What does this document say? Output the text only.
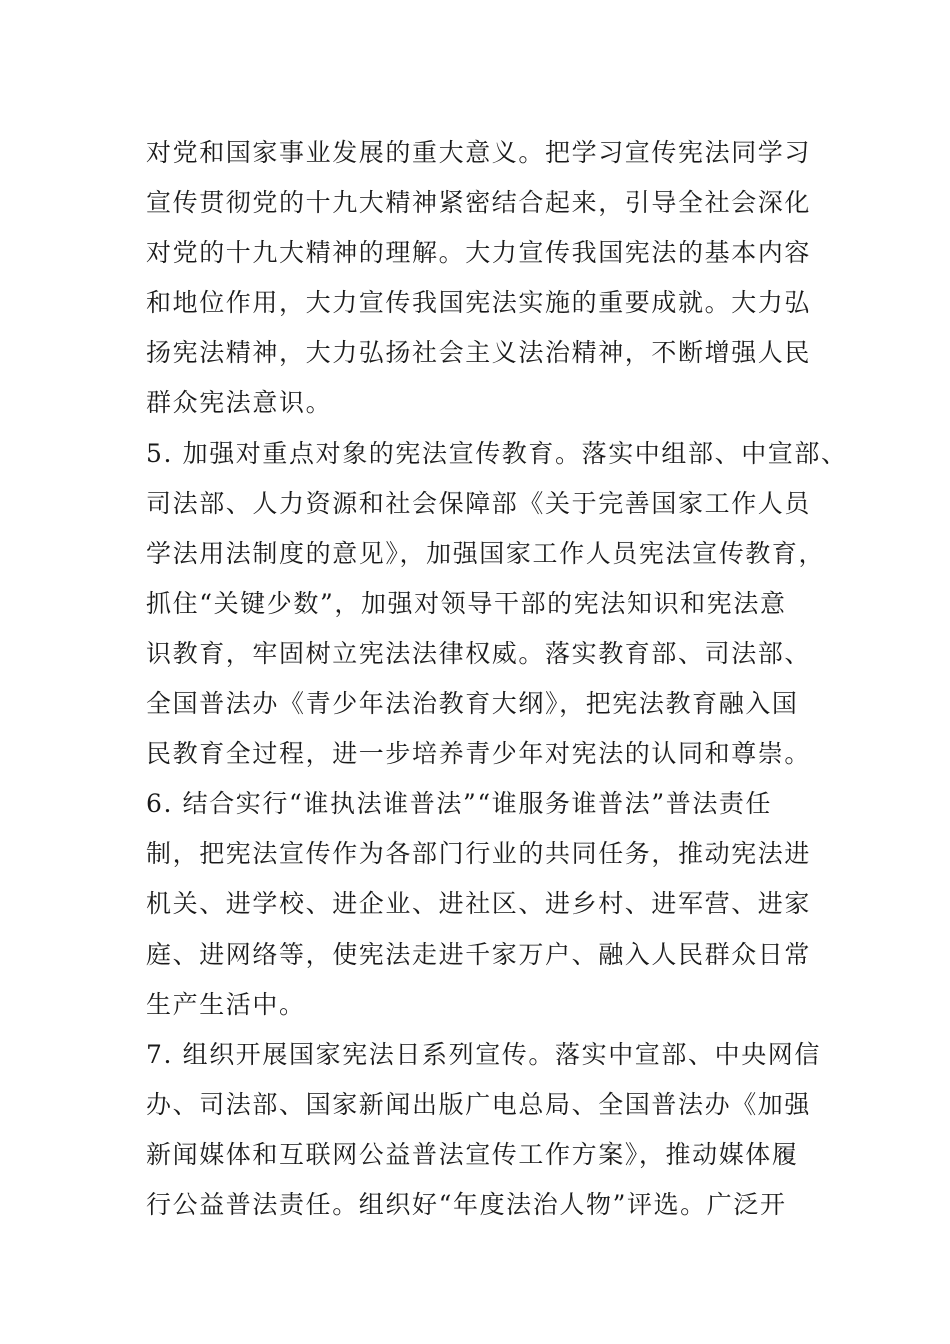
对党和国家事业发展的重大意义。把学习宣传宪法同学习
宣传贯彻党的十九大精神紧密结合起来，引导全社会深化
对党的十九大精神的理解。大力宣传我国宪法的基本内容
和地位作用，大力宣传我国宪法实施的重要成就。大力弘
扬宪法精神，大力弘扬社会主义法治精神，不断增强人民
群众宪法意识。
5. 加强对重点对象的宪法宣传教育。落实中组部、中宣部、
司法部、人力资源和社会保障部《关于完善国家工作人员
学法用法制度的意见》，加强国家工作人员宪法宣传教育，
抓住“关键少数”，加强对领导干部的宪法知识和宪法意
识教育，牢固树立宪法法律权威。落实教育部、司法部、
全国普法办《青少年法治教育大纲》，把宪法教育融入国
民教育全过程，进一步培养青少年对宪法的认同和尊崇。
6. 结合实行“谁执法谁普法”“谁服务谁普法”普法责任
制，把宪法宣传作为各部门行业的共同任务，推动宪法进
机关、进学校、进企业、进社区、进乡村、进军营、进家
庭、进网络等，使宪法走进千家万户、融入人民群众日常
生产生活中。
7. 组织开展国家宪法日系列宣传。落实中宣部、中央网信
办、司法部、国家新闻出版广电总局、全国普法办《加强
新闻媒体和互联网公益普法宣传工作方案》，推动媒体履
行公益普法责任。组织好“年度法治人物”评选。广泛开
